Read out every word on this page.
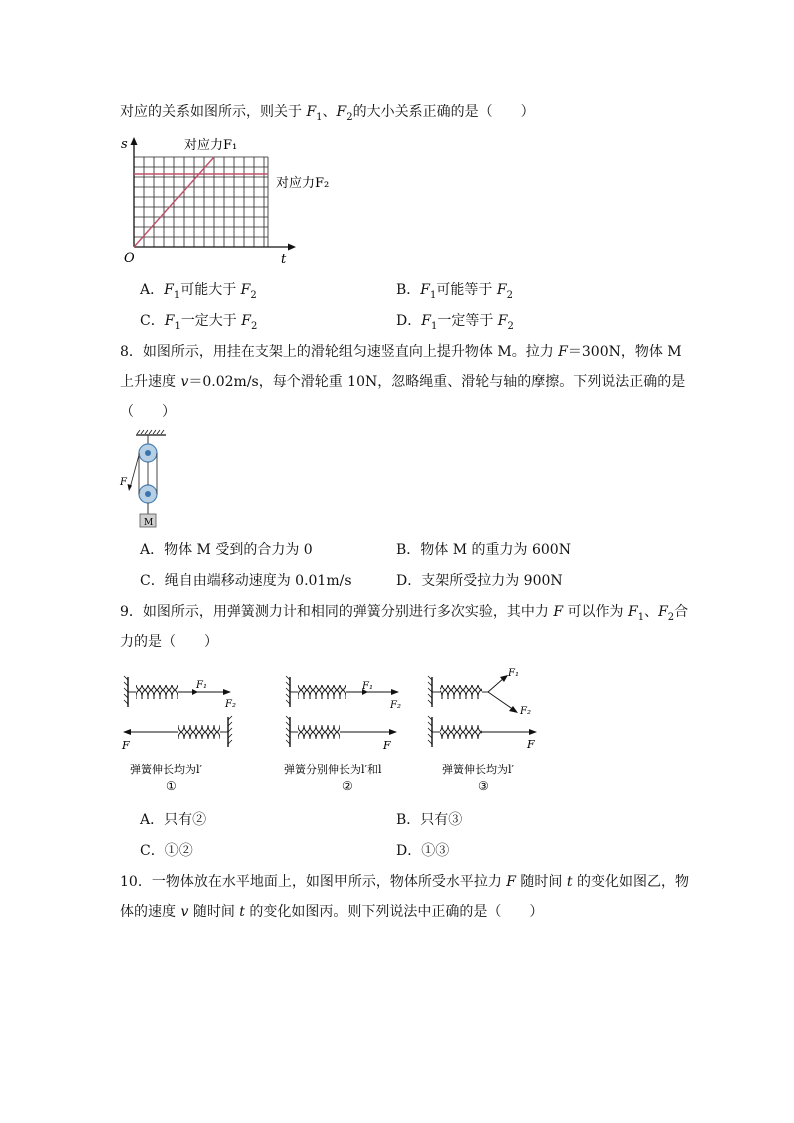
对应的关系如图所示，则关于 $F_1$、$F_2$的大小关系正确的是（　　）
s
t
O
对应力F₁
对应力F₂
A．$F_1$可能大于 $F_2$	B．$F_1$可能等于 $F_2$
C．$F_1$一定大于 $F_2$	D．$F_1$一定等于 $F_2$
8．如图所示，用挂在支架上的滑轮组匀速竖直向上提升物体 M。拉力 F＝300N，物体 M
上升速度 v＝0.02m/s，每个滑轮重 10N，忽略绳重、滑轮与轴的摩擦。下列说法正确的是
（　　）
M
F
A．物体 M 受到的合力为 0	B．物体 M 的重力为 600N
C．绳自由端移动速度为 0.01m/s	D．支架所受拉力为 900N
9．如图所示，用弹簧测力计和相同的弹簧分别进行多次实验，其中力 F 可以作为 $F_1$、$F_2$合
力的是（　　）
F₁
F₂
F
弹簧伸长均为l′
①
F₁
F₂
F
弹簧分别伸长为l′和l
②
F₁
F₂
F
弹簧伸长均为l′
③
A．只有②	B．只有③
C．①②	D．①③
10．一物体放在水平地面上，如图甲所示，物体所受水平拉力 F 随时间 t 的变化如图乙，物
体的速度 v 随时间 t 的变化如图丙。则下列说法中正确的是（　　）
